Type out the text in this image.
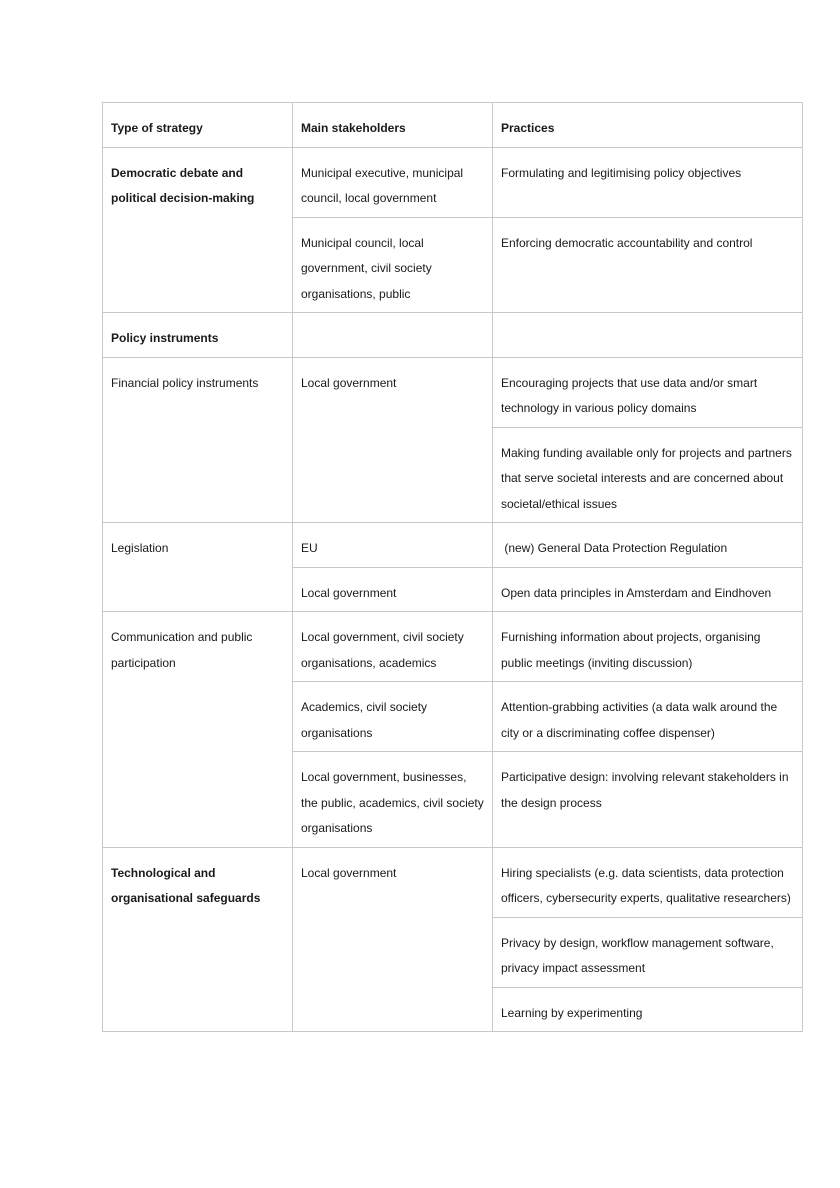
Type of strategy	Main stakeholders	Practices
Democratic debate and political decision-making	Municipal executive, municipal council, local government	Formulating and legitimising policy objectives
	Municipal council, local government, civil society organisations, public	Enforcing democratic accountability and control
Policy instruments		
Financial policy instruments	Local government	Encouraging projects that use data and/or smart technology in various policy domains
		Making funding available only for projects and partners that serve societal interests and are concerned about societal/ethical issues
Legislation	EU	(new) General Data Protection Regulation
	Local government	Open data principles in Amsterdam and Eindhoven
Communication and public participation	Local government, civil society organisations, academics	Furnishing information about projects, organising public meetings (inviting discussion)
	Academics, civil society organisations	Attention-grabbing activities (a data walk around the city or a discriminating coffee dispenser)
	Local government, businesses, the public, academics, civil society organisations	Participative design: involving relevant stakeholders in the design process
Technological and organisational safeguards	Local government	Hiring specialists (e.g. data scientists, data protection officers, cybersecurity experts, qualitative researchers)
		Privacy by design, workflow management software, privacy impact assessment
		Learning by experimenting
